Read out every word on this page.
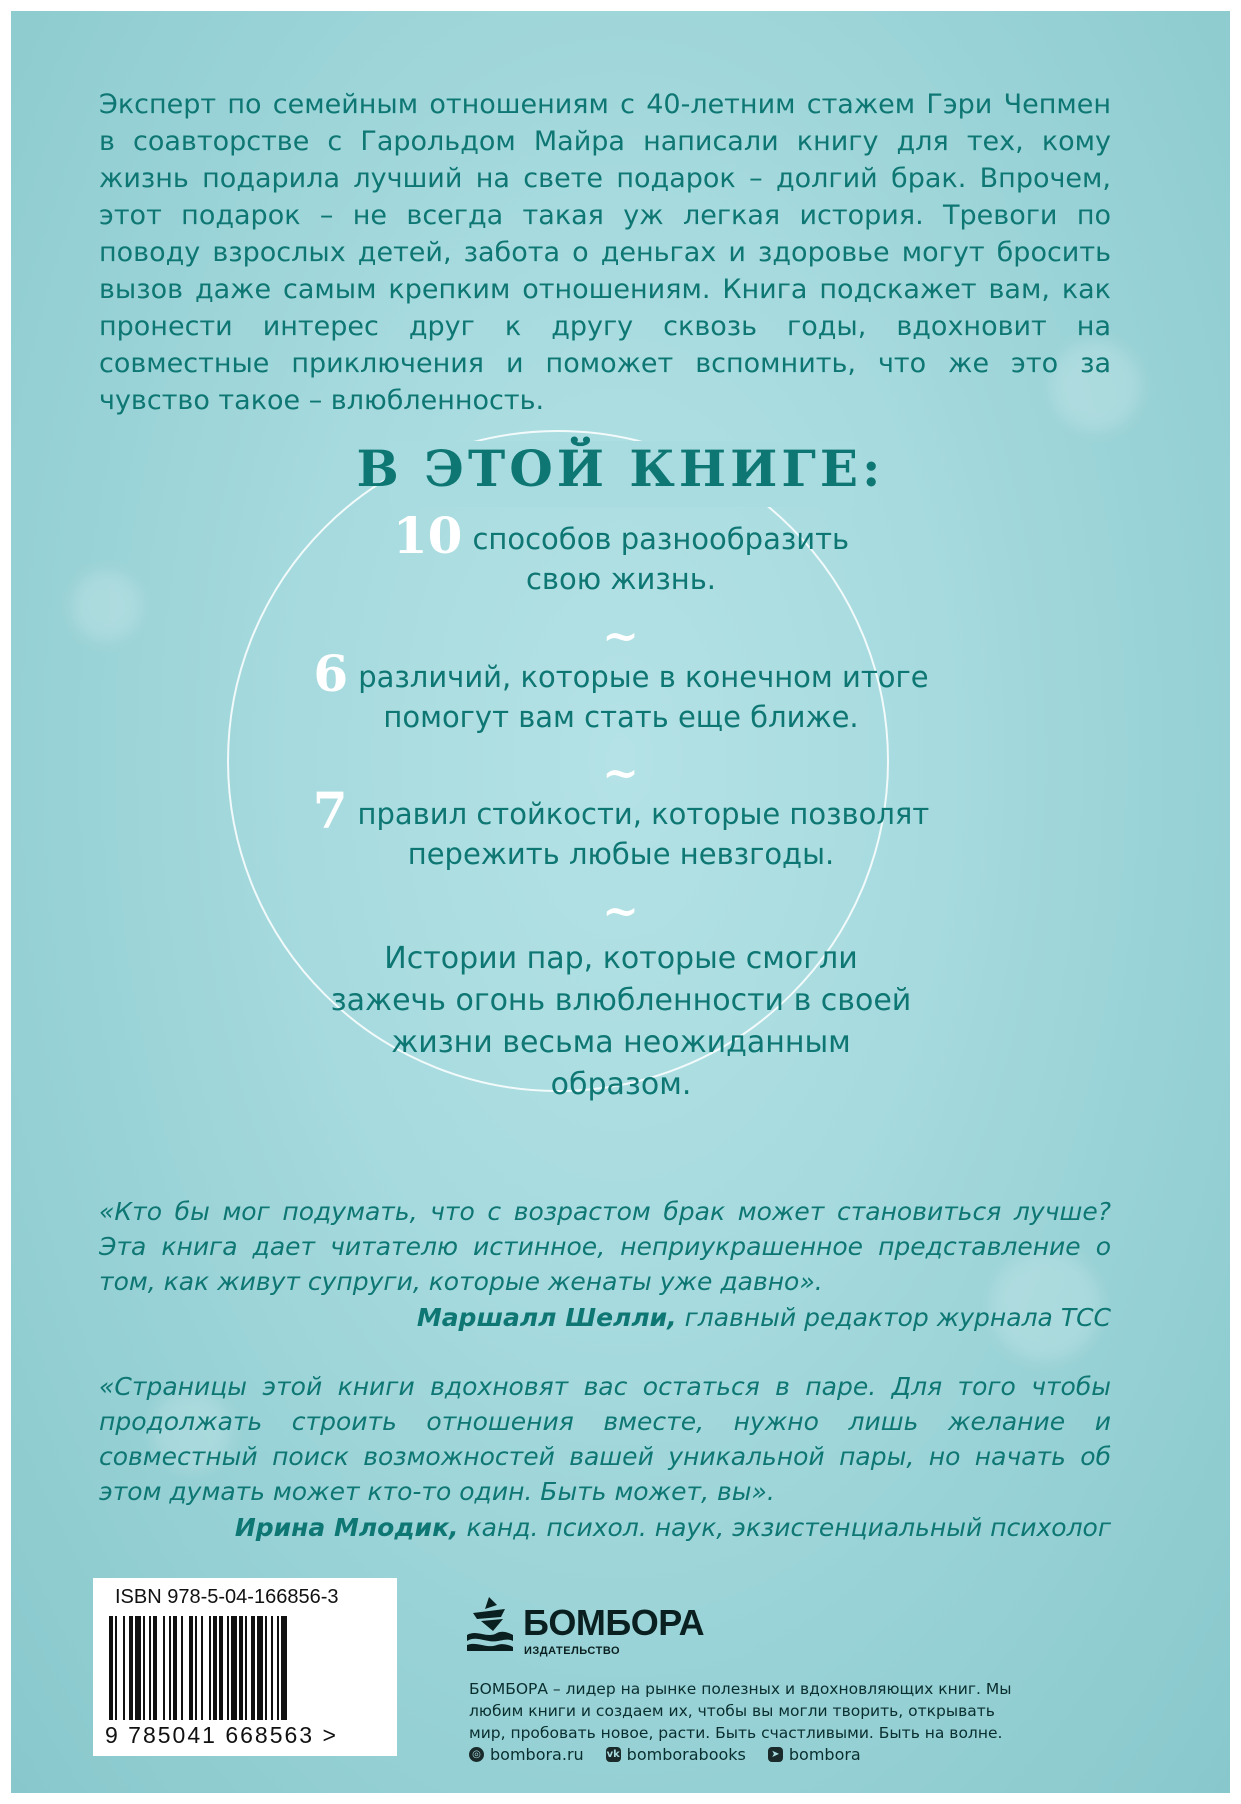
Эксперт по семейным отношениям с 40-летним стажем Гэри Чепмен в соавторстве с Гарольдом Майра написали книгу для тех, кому жизнь подарила лучший на свете подарок – долгий брак. Впрочем, этот подарок – не всегда такая уж легкая история. Тревоги по поводу взрослых детей, забота о деньгах и здоровье могут бросить вызов даже самым крепким отношениям. Книга подскажет вам, как пронести интерес друг к другу сквозь годы, вдохновит на совместные приключения и поможет вспомнить, что же это за чувство такое – влюбленность.
В ЭТОЙ КНИГЕ:
10 способов разнообразить
свою жизнь.
~
6 различий, которые в конечном итоге
помогут вам стать еще ближе.
~
7 правил стойкости, которые позволят
пережить любые невзгоды.
~
Истории пар, которые смогли
зажечь огонь влюбленности в своей
жизни весьма неожиданным
образом.
«Кто бы мог подумать, что с возрастом брак может становиться лучше? Эта книга дает читателю истинное, неприукрашенное представление о том, как живут супруги, которые женаты уже давно».
Маршалл Шелли, главный редактор журнала TCC
«Страницы этой книги вдохновят вас остаться в паре. Для того чтобы продолжать строить отношения вместе, нужно лишь желание и совместный поиск возможностей вашей уникальной пары, но начать об этом думать может кто-то один. Быть может, вы».
Ирина Млодик, канд. психол. наук, экзистенциальный психолог
ISBN 978-5-04-166856-3
9 785041 668563 >
БОМБОРА
ИЗДАТЕЛЬСТВО
БОМБОРА – лидер на рынке полезных и вдохновляющих книг. Мы любим книги и создаем их, чтобы вы могли творить, открывать мир, пробовать новое, расти. Быть счастливыми. Быть на волне.
◎ bombora.ru vk bomborabooks	➤ bombora
